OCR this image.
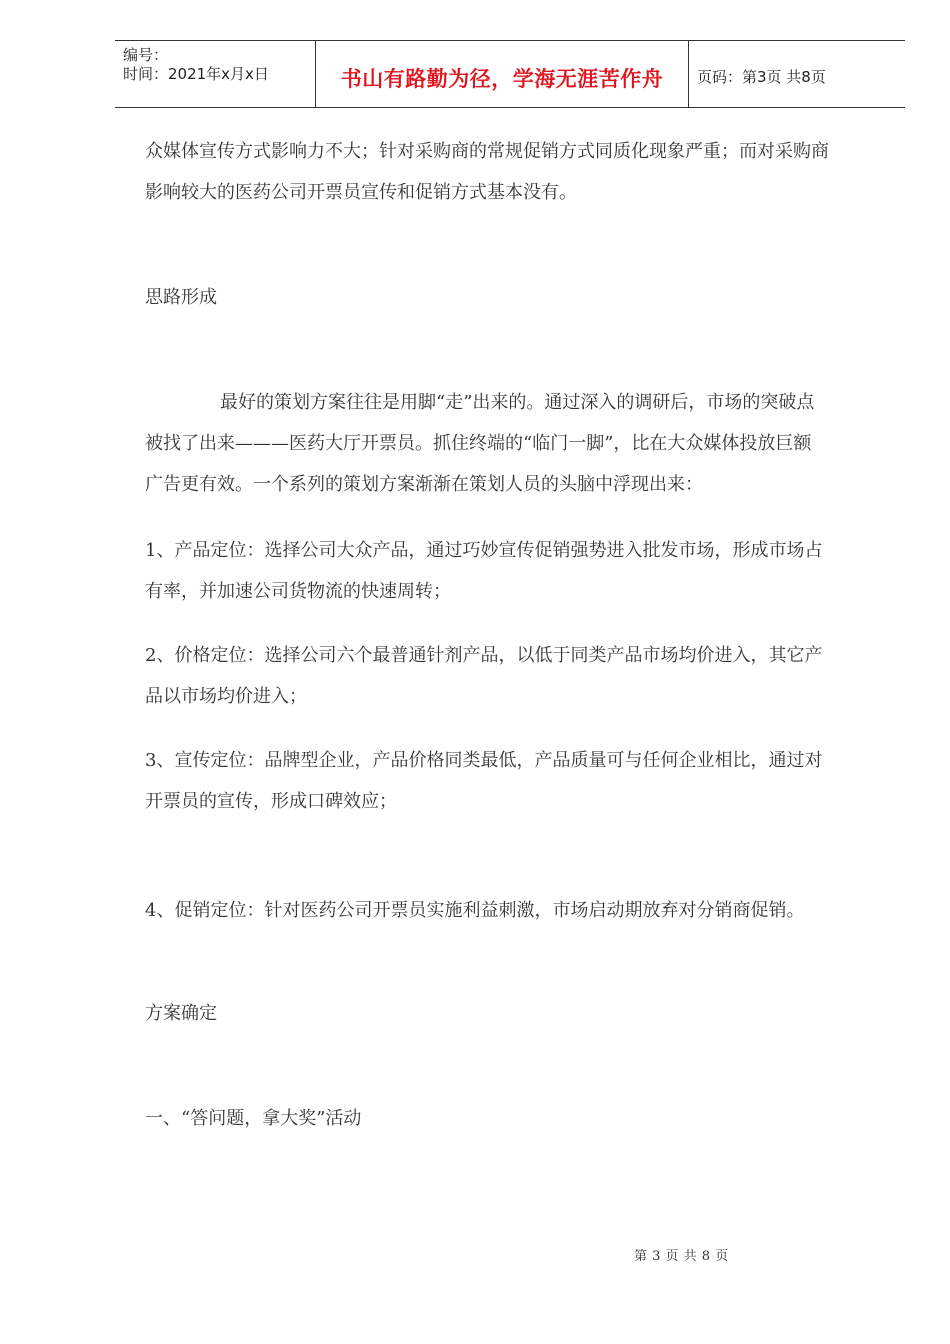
编号：
时间：2021年x月x日	书山有路勤为径，学海无涯苦作舟	页码：第3页 共8页
众媒体宣传方式影响力不大；针对采购商的常规促销方式同质化现象严重；而对采购商
影响较大的医药公司开票员宣传和促销方式基本没有。
思路形成
最好的策划方案往往是用脚“走”出来的。通过深入的调研后，市场的突破点
被找了出来———医药大厅开票员。抓住终端的“临门一脚”，比在大众媒体投放巨额
广告更有效。一个系列的策划方案渐渐在策划人员的头脑中浮现出来：
1、产品定位：选择公司大众产品，通过巧妙宣传促销强势进入批发市场，形成市场占
有率，并加速公司货物流的快速周转；
2、价格定位：选择公司六个最普通针剂产品，以低于同类产品市场均价进入，其它产
品以市场均价进入；
3、宣传定位：品牌型企业，产品价格同类最低，产品质量可与任何企业相比，通过对
开票员的宣传，形成口碑效应；
4、促销定位：针对医药公司开票员实施利益刺激，市场启动期放弃对分销商促销。
方案确定
一、“答问题，拿大奖”活动
第 3 页 共 8 页
